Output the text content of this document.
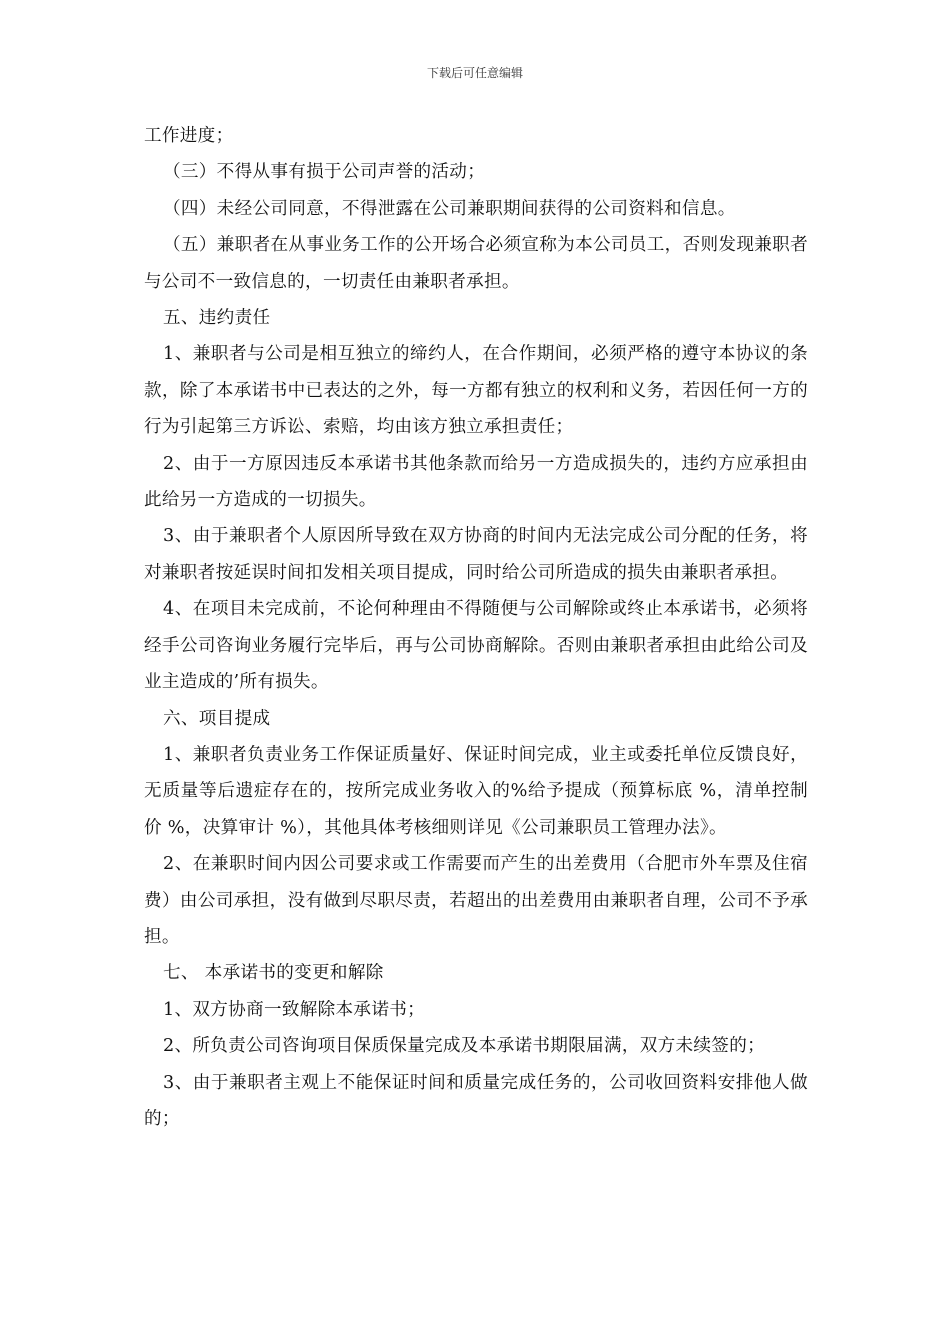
下载后可任意编辑

工作进度；

（三）不得从事有损于公司声誉的活动；

（四）未经公司同意，不得泄露在公司兼职期间获得的公司资料和信息。

（五）兼职者在从事业务工作的公开场合必须宣称为本公司员工，否则发现兼职者与公司不一致信息的，一切责任由兼职者承担。

五、违约责任

1、兼职者与公司是相互独立的缔约人，在合作期间，必须严格的遵守本协议的条款，除了本承诺书中已表达的之外，每一方都有独立的权利和义务，若因任何一方的行为引起第三方诉讼、索赔，均由该方独立承担责任；

2、由于一方原因违反本承诺书其他条款而给另一方造成损失的，违约方应承担由此给另一方造成的一切损失。

3、由于兼职者个人原因所导致在双方协商的时间内无法完成公司分配的任务，将对兼职者按延误时间扣发相关项目提成，同时给公司所造成的损失由兼职者承担。

4、在项目未完成前，不论何种理由不得随便与公司解除或终止本承诺书，必须将经手公司咨询业务履行完毕后，再与公司协商解除。否则由兼职者承担由此给公司及业主造成的’所有损失。

六、项目提成

1、兼职者负责业务工作保证质量好、保证时间完成，业主或委托单位反馈良好，无质量等后遗症存在的，按所完成业务收入的%给予提成（预算标底 %，清单控制价 %，决算审计 %），其他具体考核细则详见《公司兼职员工管理办法》。

2、在兼职时间内因公司要求或工作需要而产生的出差费用（合肥市外车票及住宿费）由公司承担，没有做到尽职尽责，若超出的出差费用由兼职者自理，公司不予承担。

七、 本承诺书的变更和解除

1、双方协商一致解除本承诺书；

2、所负责公司咨询项目保质保量完成及本承诺书期限届满，双方未续签的；

3、由于兼职者主观上不能保证时间和质量完成任务的，公司收回资料安排他人做的；
